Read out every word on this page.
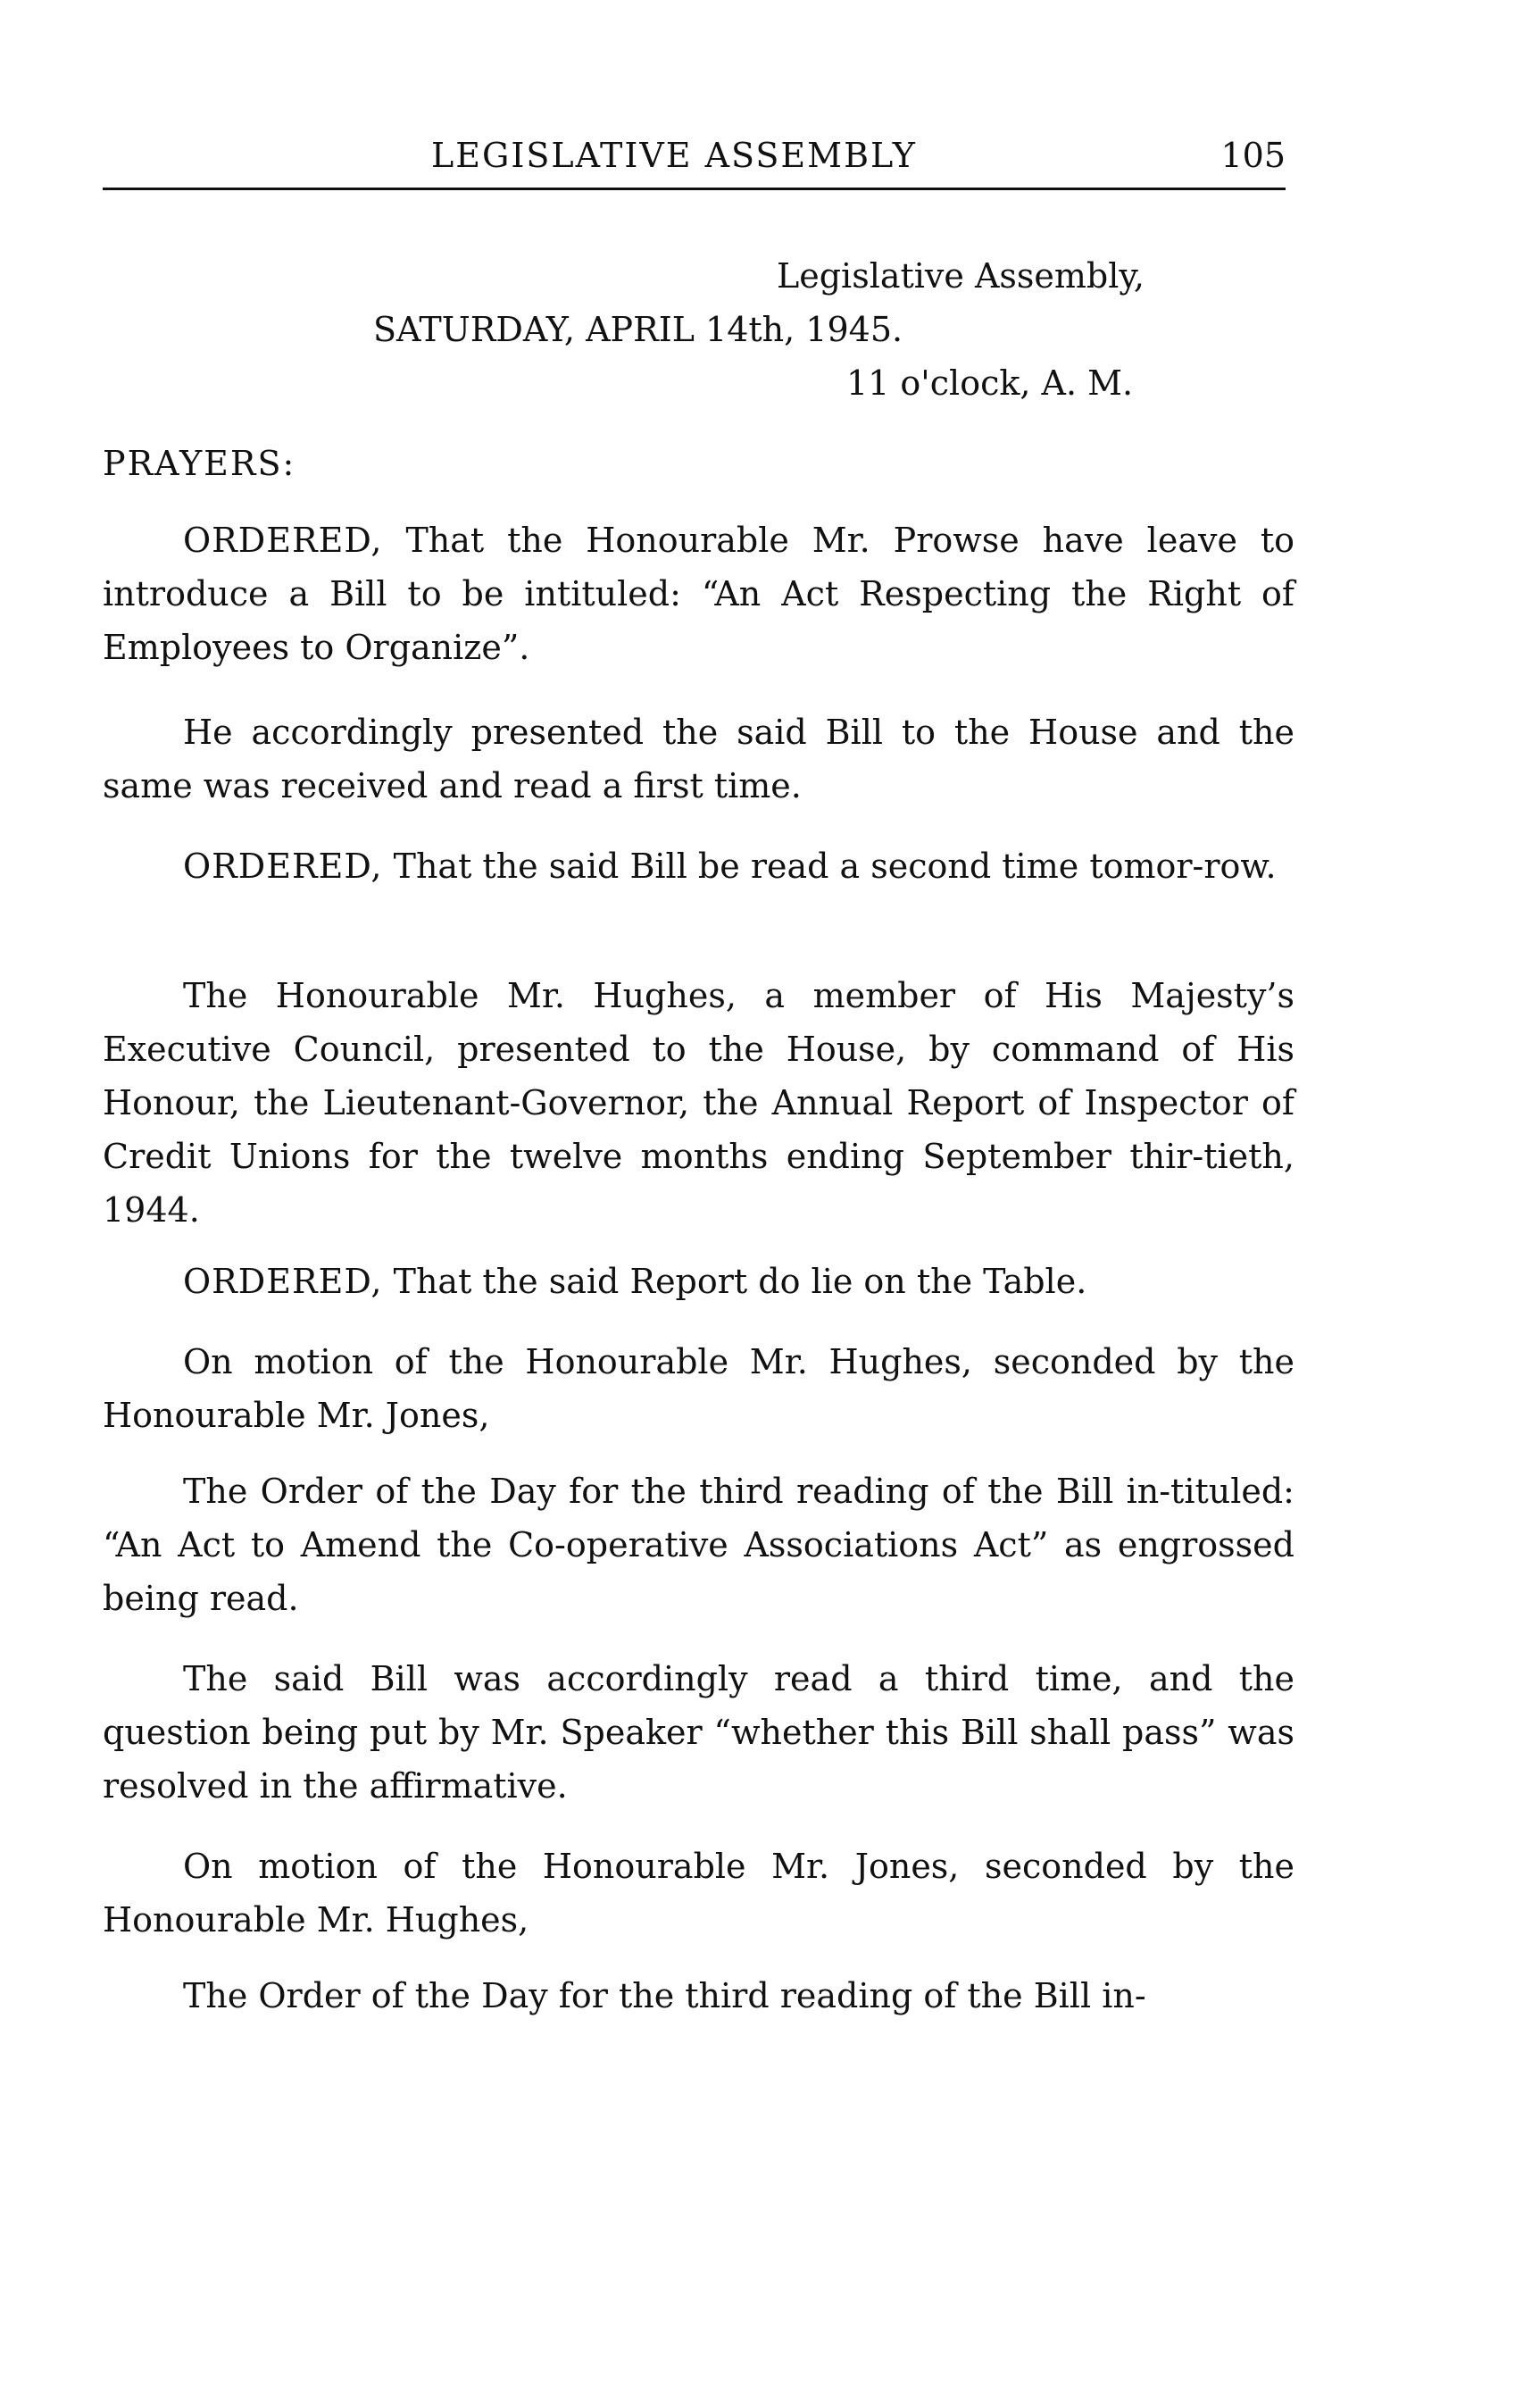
LEGISLATIVE ASSEMBLY	105
Legislative Assembly,
SATURDAY, APRIL 14th, 1945.
11 o'clock, A. M.
PRAYERS:

ORDERED, That the Honourable Mr. Prowse have leave to introduce a Bill to be intituled: “An Act Respecting the Right of Employees to Organize”.

He accordingly presented the said Bill to the House and the same was received and read a first time.

ORDERED, That the said Bill be read a second time tomor-row.

The Honourable Mr. Hughes, a member of His Majesty’s Executive Council, presented to the House, by command of His Honour, the Lieutenant-Governor, the Annual Report of Inspector of Credit Unions for the twelve months ending September thir-tieth, 1944.

ORDERED, That the said Report do lie on the Table.

On motion of the Honourable Mr. Hughes, seconded by the Honourable Mr. Jones,

The Order of the Day for the third reading of the Bill in-tituled: “An Act to Amend the Co-operative Associations Act” as engrossed being read.

The said Bill was accordingly read a third time, and the question being put by Mr. Speaker “whether this Bill shall pass” was resolved in the affirmative.

On motion of the Honourable Mr. Jones, seconded by the Honourable Mr. Hughes,

The Order of the Day for the third reading of the Bill in-
